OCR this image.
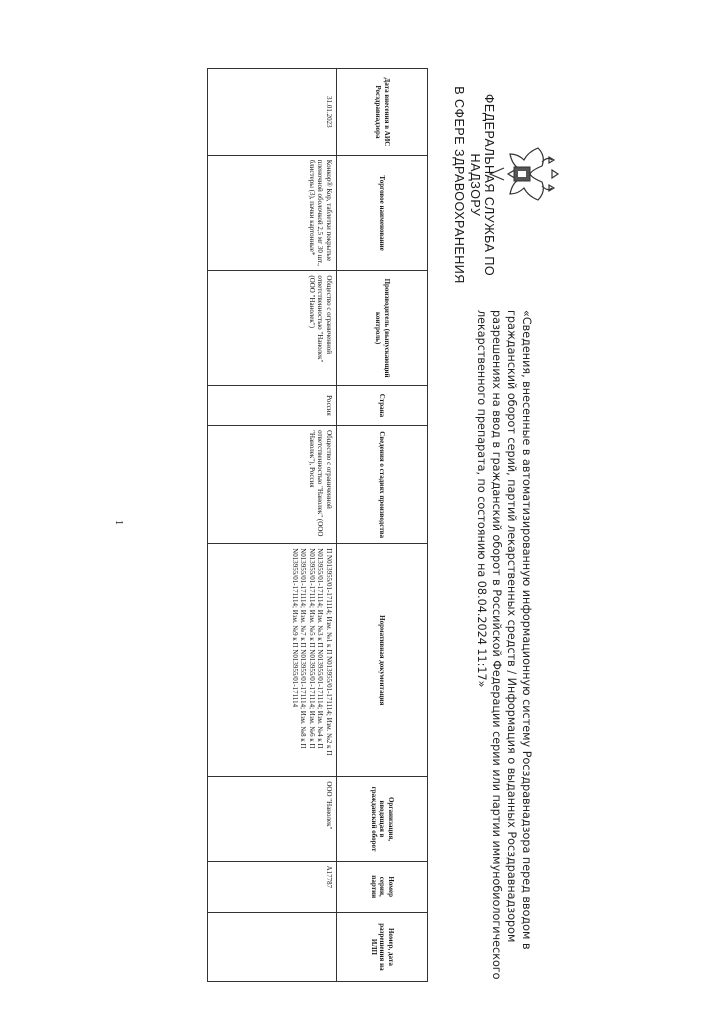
ФЕДЕРАЛЬНАЯ СЛУЖБА ПО НАДЗОРУ
В СФЕРЕ ЗДРАВООХРАНЕНИЯ
«Сведения, внесенные в автоматизированную информационную систему Росздравнадзора перед вводом в гражданский оборот серий, партий лекарственных средств / Информация о выданных Росздравнадзором разрешениях на ввод в гражданский оборот в Российской Федерации серии или партии иммунобиологического лекарственного препарата, по состоянию на 08.04.2024 11:17»
Дата внесения в АИС Росздравнадзора	Торговое наименование	Производитель (выпускающий контроль)	Страна	Сведения о стадиях производства	Нормативная документация	Организация, вводящая в гражданский оборот	Номер серии, партии	Номер, дата разрешения на ИЛП
31.01.2023	Конкор® Кор, таблетки покрытые пленочной оболочкой 2,5 мг 30 шт., блистеры (3), пачки картонные*	Общество с ограниченной ответственностью "Нанолек" (ООО "Нанолек")	Россия	Общество с ограниченной ответственностью "Нанолек" (ООО "Нанолек"), Россия	П N013955/01-171114; Изм. №1 к П N013955/01-171114; Изм. №2 к П N013955/01-171114; Изм. №3 к П N013955/01-171114; Изм. №4 к П N013955/01-171114; Изм. №5 к П N013955/01-171114; Изм. №6 к П N013955/01-171114; Изм. №7 к П N013955/01-171114; Изм. №8 к П N013955/01-171114; Изм. №9 к П N013955/01-171114	ООО "Нанолек"	А17787	
1
